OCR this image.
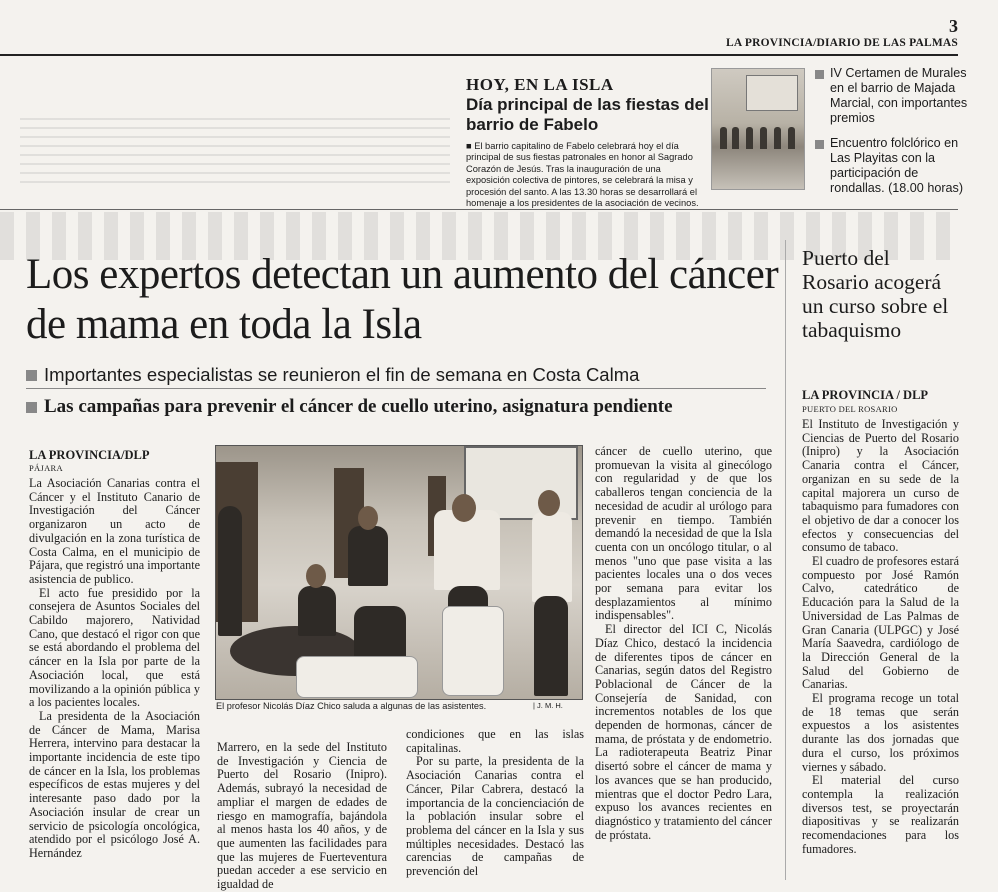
3
LA PROVINCIA/DIARIO DE LAS PALMAS
HOY, EN LA ISLA
Día principal de las fiestas del barrio de Fabelo
■ El barrio capitalino de Fabelo celebrará hoy el día principal de sus fiestas patronales en honor al Sagrado Corazón de Jesús. Tras la inauguración de una exposición colectiva de pintores, se celebrará la misa y procesión del santo. A las 13.30 horas se desarrollará el homenaje a los presidentes de la asociación de vecinos.
IV Certamen de Murales en el barrio de Majada Marcial, con importantes premios
Encuentro folclórico en Las Playitas con la participación de rondallas. (18.00 horas)
Los expertos detectan un aumento del cáncer de mama en toda la Isla
Importantes especialistas se reunieron el fin de semana en Costa Calma
Las campañas para prevenir el cáncer de cuello uterino, asignatura pendiente
LA PROVINCIA/DLP
PÁJARA

La Asociación Canarias contra el Cáncer y el Instituto Canario de Investigación del Cáncer organizaron un acto de divulgación en la zona turística de Costa Calma, en el municipio de Pájara, que registró una importante asistencia de publico.

El acto fue presidido por la consejera de Asuntos Sociales del Cabildo majorero, Natividad Cano, que destacó el rigor con que se está abordando el problema del cáncer en la Isla por parte de la Asociación local, que está movilizando a la opinión pública y a los pacientes locales.

La presidenta de la Asociación de Cáncer de Mama, Marisa Herrera, intervino para destacar la importante incidencia de este tipo de cáncer en la Isla, los problemas específicos de estas mujeres y del interesante paso dado por la Asociación insular de crear un servicio de psicología oncológica, atendido por el psicólogo José A. Hernández

El profesor Nicolás Díaz Chico saluda a algunas de las asistentes.	| J. M. H.

Marrero, en la sede del Instituto de Investigación y Ciencia de Puerto del Rosario (Inipro). Además, subrayó la necesidad de ampliar el margen de edades de riesgo en mamografía, bajándola al menos hasta los 40 años, y de que aumenten las facilidades para que las mujeres de Fuerteventura puedan acceder a ese servicio en igualdad de

condiciones que en las islas capitalinas.

Por su parte, la presidenta de la Asociación Canarias contra el Cáncer, Pilar Cabrera, destacó la importancia de la concienciación de la población insular sobre el problema del cáncer en la Isla y sus múltiples necesidades. Destacó las carencias de campañas de prevención del

cáncer de cuello uterino, que promuevan la visita al ginecólogo con regularidad y de que los caballeros tengan conciencia de la necesidad de acudir al urólogo para prevenir en tiempo. También demandó la necesidad de que la Isla cuenta con un oncólogo titular, o al menos "uno que pase visita a las pacientes locales una o dos veces por semana para evitar los desplazamientos al mínimo indispensables".

El director del ICI C, Nicolás Díaz Chico, destacó la incidencia de diferentes tipos de cáncer en Canarias, según datos del Registro Poblacional de Cáncer de la Consejería de Sanidad, con incrementos notables de los que dependen de hormonas, cáncer de mama, de próstata y de endometrio. La radioterapeuta Beatriz Pinar disertó sobre el cáncer de mama y los avances que se han producido, mientras que el doctor Pedro Lara, expuso los avances recientes en diagnóstico y tratamiento del cáncer de próstata.

Puerto del Rosario acogerá un curso sobre el tabaquismo
LA PROVINCIA / DLP
PUERTO DEL ROSARIO

El Instituto de Investigación y Ciencias de Puerto del Rosario (Inipro) y la Asociación Canaria contra el Cáncer, organizan en su sede de la capital majorera un curso de tabaquismo para fumadores con el objetivo de dar a conocer los efectos y consecuencias del consumo de tabaco.

El cuadro de profesores estará compuesto por José Ramón Calvo, catedrático de Educación para la Salud de la Universidad de Las Palmas de Gran Canaria (ULPGC) y José María Saavedra, cardiólogo de la Dirección General de la Salud del Gobierno de Canarias.

El programa recoge un total de 18 temas que serán expuestos a los asistentes durante las dos jornadas que dura el curso, los próximos viernes y sábado.

El material del curso contempla la realización diversos test, se proyectarán diapositivas y se realizarán recomendaciones para los fumadores.
